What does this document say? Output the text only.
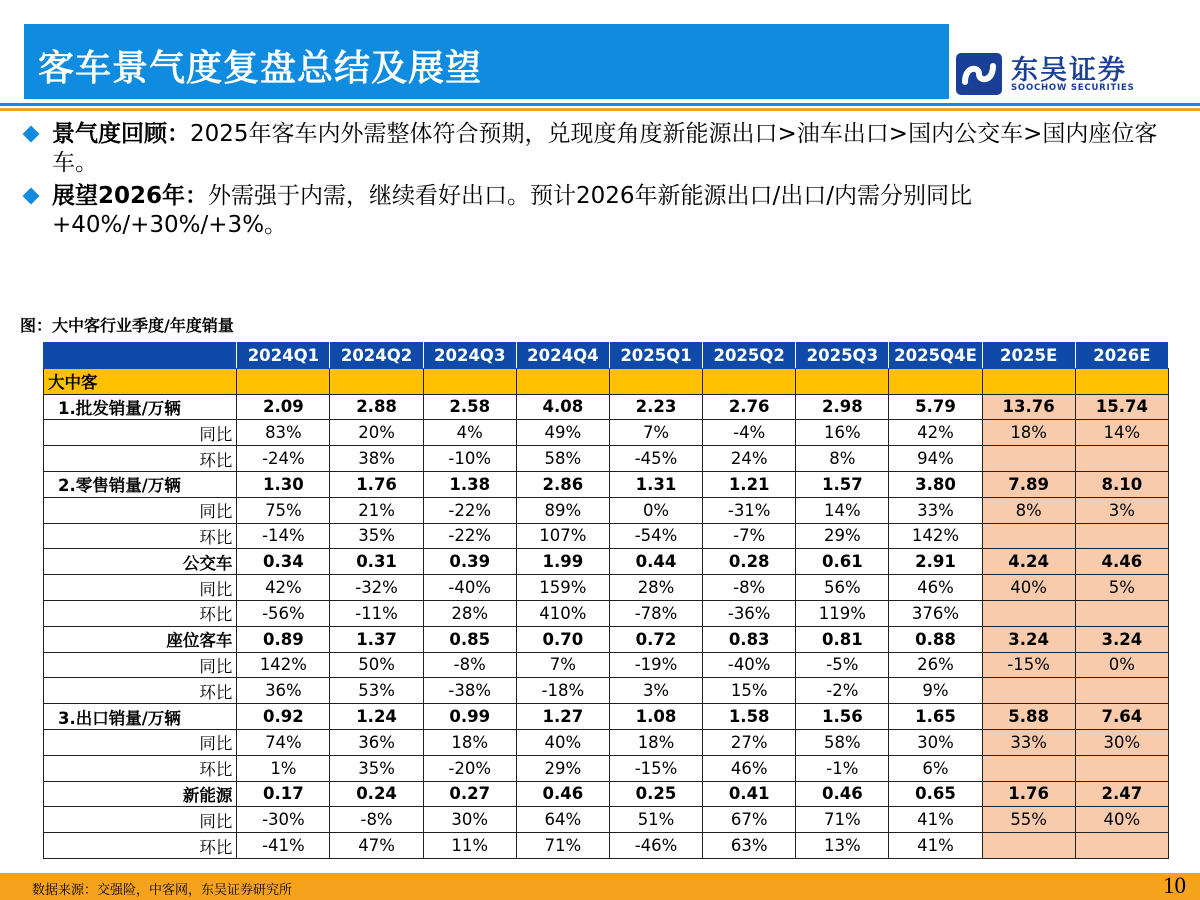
客车景气度复盘总结及展望	东吴证券
SOOCHOW SECURITIES
景气度回顾：2025年客车内外需整体符合预期，兑现度角度新能源出口>油车出口>国内公交车>国内座位客车。
展望2026年：外需强于内需，继续看好出口。预计2026年新能源出口/出口/内需分别同比+40%/+30%/+3%。
图：大中客行业季度/年度销量
	2024Q1	2024Q2	2024Q3	2024Q4	2025Q1	2025Q2	2025Q3	2025Q4E	2025E	2026E
大中客										
1.批发销量/万辆	2.09	2.88	2.58	4.08	2.23	2.76	2.98	5.79	13.76	15.74
同比	83%	20%	4%	49%	7%	-4%	16%	42%	18%	14%
环比	-24%	38%	-10%	58%	-45%	24%	8%	94%		
2.零售销量/万辆	1.30	1.76	1.38	2.86	1.31	1.21	1.57	3.80	7.89	8.10
同比	75%	21%	-22%	89%	0%	-31%	14%	33%	8%	3%
环比	-14%	35%	-22%	107%	-54%	-7%	29%	142%		
公交车	0.34	0.31	0.39	1.99	0.44	0.28	0.61	2.91	4.24	4.46
同比	42%	-32%	-40%	159%	28%	-8%	56%	46%	40%	5%
环比	-56%	-11%	28%	410%	-78%	-36%	119%	376%		
座位客车	0.89	1.37	0.85	0.70	0.72	0.83	0.81	0.88	3.24	3.24
同比	142%	50%	-8%	7%	-19%	-40%	-5%	26%	-15%	0%
环比	36%	53%	-38%	-18%	3%	15%	-2%	9%		
3.出口销量/万辆	0.92	1.24	0.99	1.27	1.08	1.58	1.56	1.65	5.88	7.64
同比	74%	36%	18%	40%	18%	27%	58%	30%	33%	30%
环比	1%	35%	-20%	29%	-15%	46%	-1%	6%		
新能源	0.17	0.24	0.27	0.46	0.25	0.41	0.46	0.65	1.76	2.47
同比	-30%	-8%	30%	64%	51%	67%	71%	41%	55%	40%
环比	-41%	47%	11%	71%	-46%	63%	13%	41%		
数据来源：交强险，中客网，东吴证券研究所	10
